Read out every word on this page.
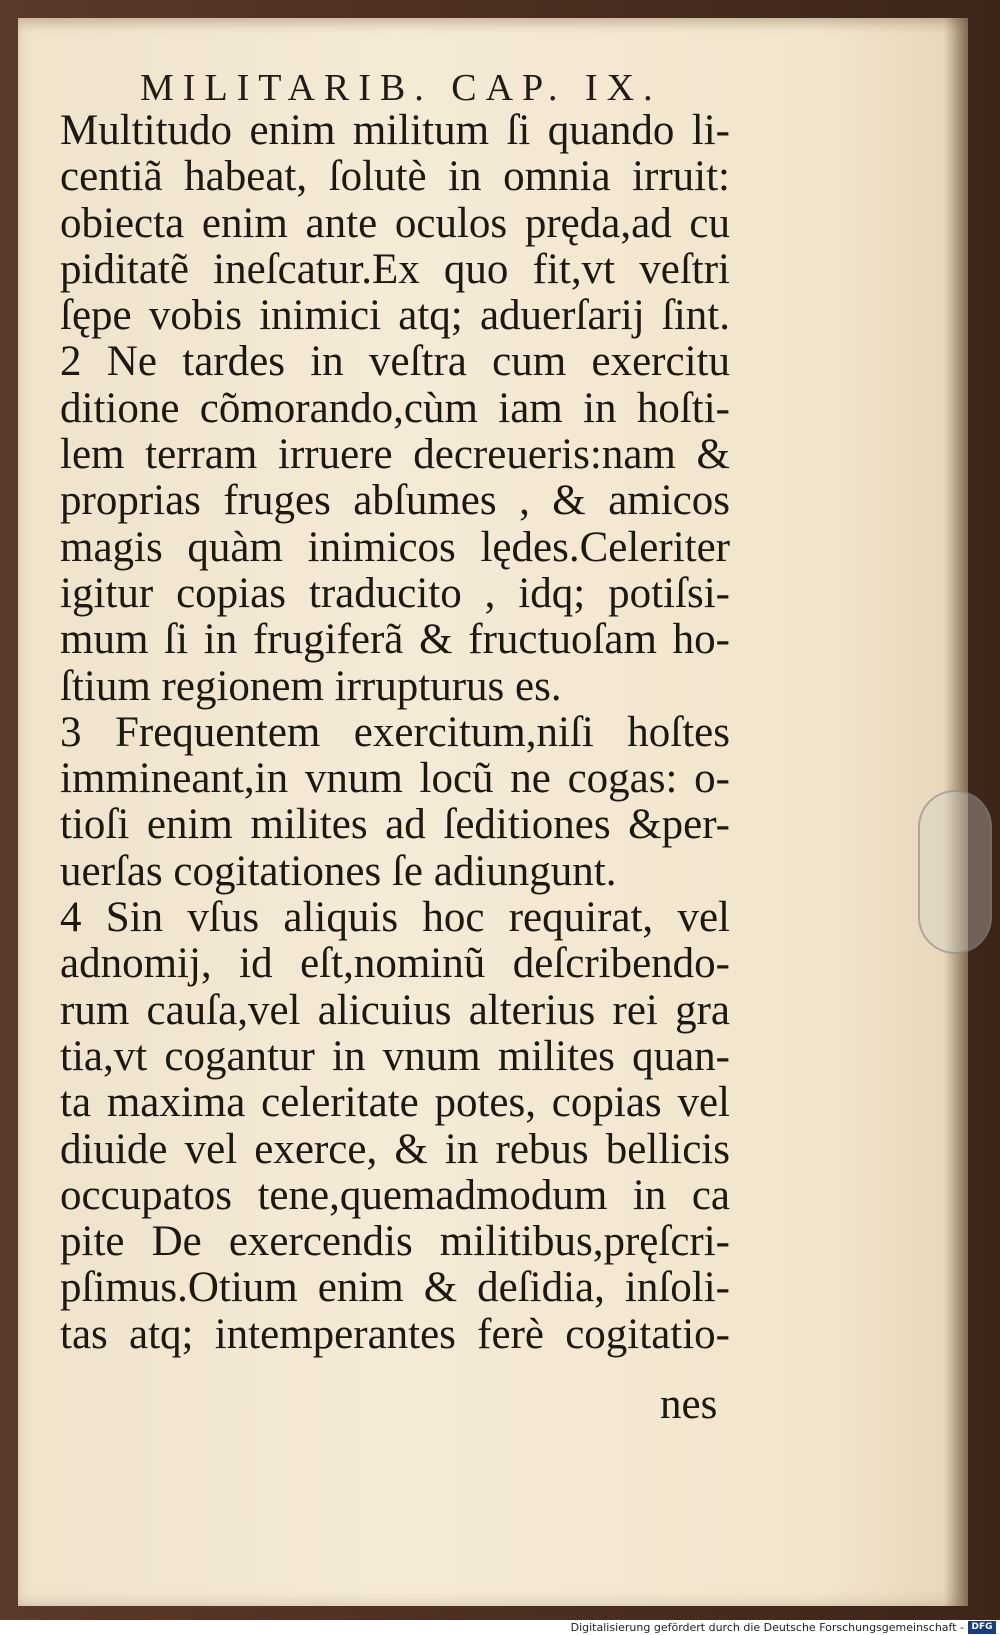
MILITARIB. CAP. IX.
Multitudo enim militum ſi quando li-
centiã habeat, ſolutè in omnia irruit:
obiecta enim ante oculos pręda,ad cu
piditatẽ ineſcatur.Ex quo fit,vt veſtri
ſępe vobis inimici atq; aduerſarij ſint.
2 Ne tardes in veſtra cum exercitu
ditione cõmorando,cùm iam in hoſti-
lem terram irruere decreueris:nam &
proprias fruges abſumes , & amicos
magis quàm inimicos lędes.Celeriter
igitur copias traducito , idq; potiſsi-
mum ſi in frugiferã & fructuoſam ho-
ſtium regionem irrupturus es.
3 Frequentem exercitum,niſi hoſtes
immineant,in vnum locũ ne cogas: o-
tioſi enim milites ad ſeditiones &per-
uerſas cogitationes ſe adiungunt.
4 Sin vſus aliquis hoc requirat, vel
adnomij, id eſt,nominũ deſcribendo-
rum cauſa,vel alicuius alterius rei gra
tia,vt cogantur in vnum milites quan-
ta maxima celeritate potes, copias vel
diuide vel exerce, & in rebus bellicis
occupatos tene,quemadmodum in ca
pite De exercendis militibus,pręſcri-
pſimus.Otium enim & deſidia, inſoli-
tas atq; intemperantes ferè cogitatio-
nes
Digitalisierung gefördert durch die Deutsche Forschungsgemeinschaft - DFG
